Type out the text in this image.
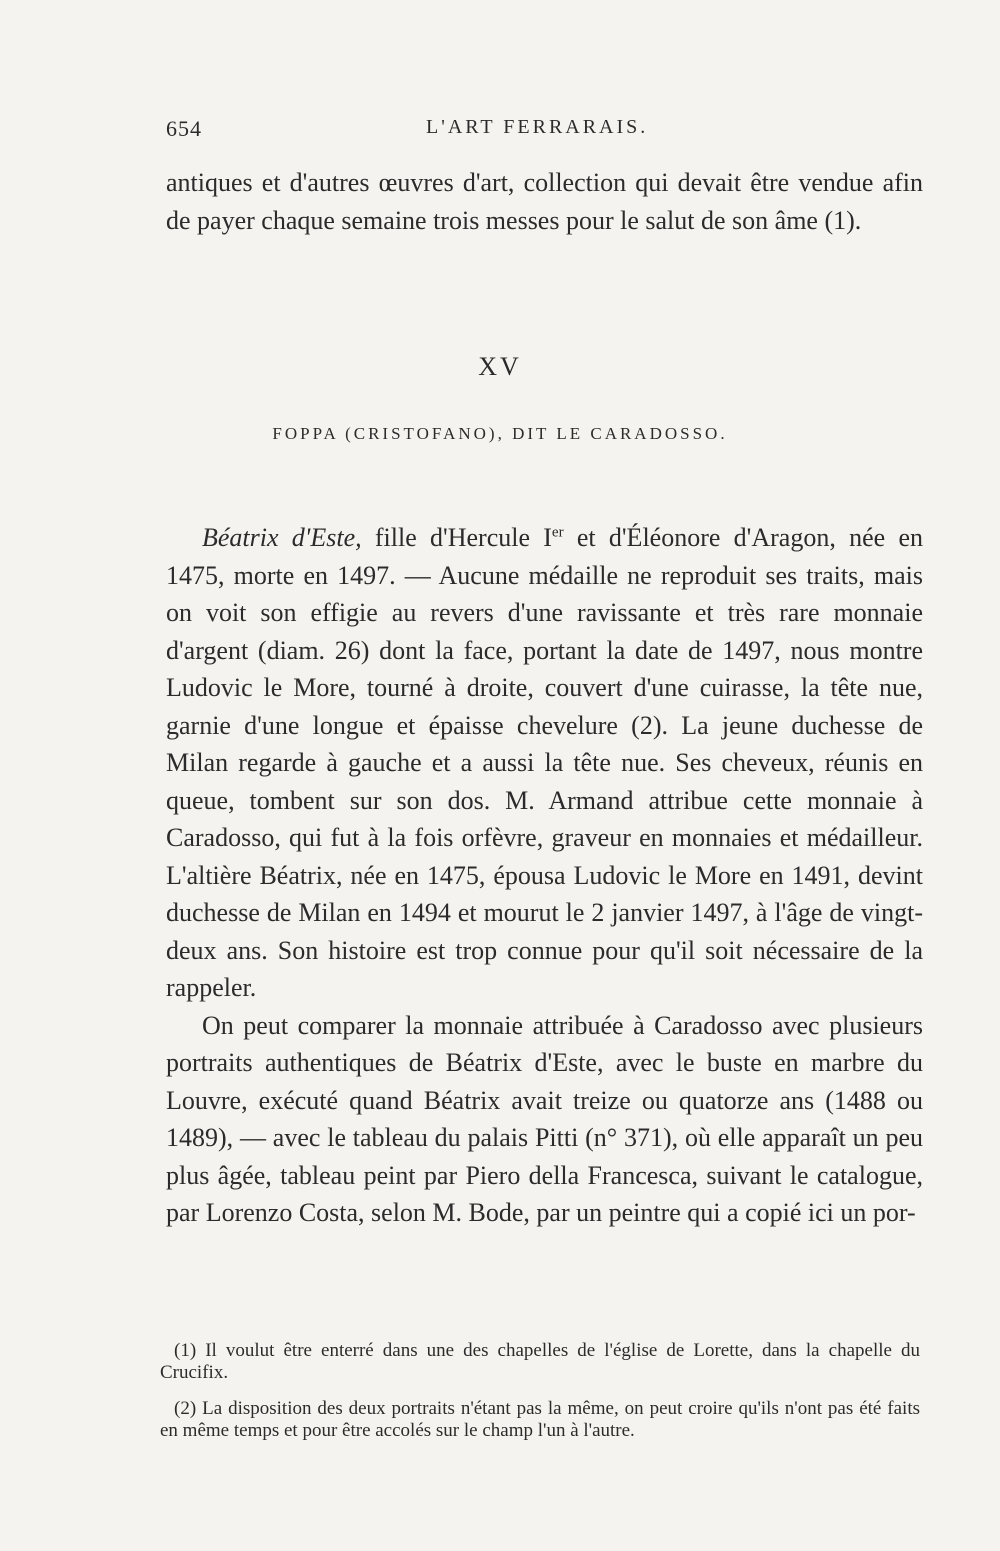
654	L'ART FERRARAIS.
antiques et d'autres œuvres d'art, collection qui devait être vendue afin de payer chaque semaine trois messes pour le salut de son âme (1).
XV
FOPPA (CRISTOFANO), DIT LE CARADOSSO.

Béatrix d'Este, fille d'Hercule Ier et d'Éléonore d'Aragon, née en 1475, morte en 1497. — Aucune médaille ne reproduit ses traits, mais on voit son effigie au revers d'une ravissante et très rare monnaie d'argent (diam. 26) dont la face, portant la date de 1497, nous montre Ludovic le More, tourné à droite, couvert d'une cuirasse, la tête nue, garnie d'une longue et épaisse chevelure (2). La jeune duchesse de Milan regarde à gauche et a aussi la tête nue. Ses cheveux, réunis en queue, tombent sur son dos. M. Armand attribue cette monnaie à Caradosso, qui fut à la fois orfèvre, graveur en monnaies et médailleur. L'altière Béatrix, née en 1475, épousa Ludovic le More en 1491, devint duchesse de Milan en 1494 et mourut le 2 janvier 1497, à l'âge de vingt-deux ans. Son histoire est trop connue pour qu'il soit nécessaire de la rappeler.

On peut comparer la monnaie attribuée à Caradosso avec plusieurs portraits authentiques de Béatrix d'Este, avec le buste en marbre du Louvre, exécuté quand Béatrix avait treize ou quatorze ans (1488 ou 1489), — avec le tableau du palais Pitti (n° 371), où elle apparaît un peu plus âgée, tableau peint par Piero della Francesca, suivant le catalogue, par Lorenzo Costa, selon M. Bode, par un peintre qui a copié ici un por-

(1) Il voulut être enterré dans une des chapelles de l'église de Lorette, dans la chapelle du Crucifix.

(2) La disposition des deux portraits n'étant pas la même, on peut croire qu'ils n'ont pas été faits en même temps et pour être accolés sur le champ l'un à l'autre.
